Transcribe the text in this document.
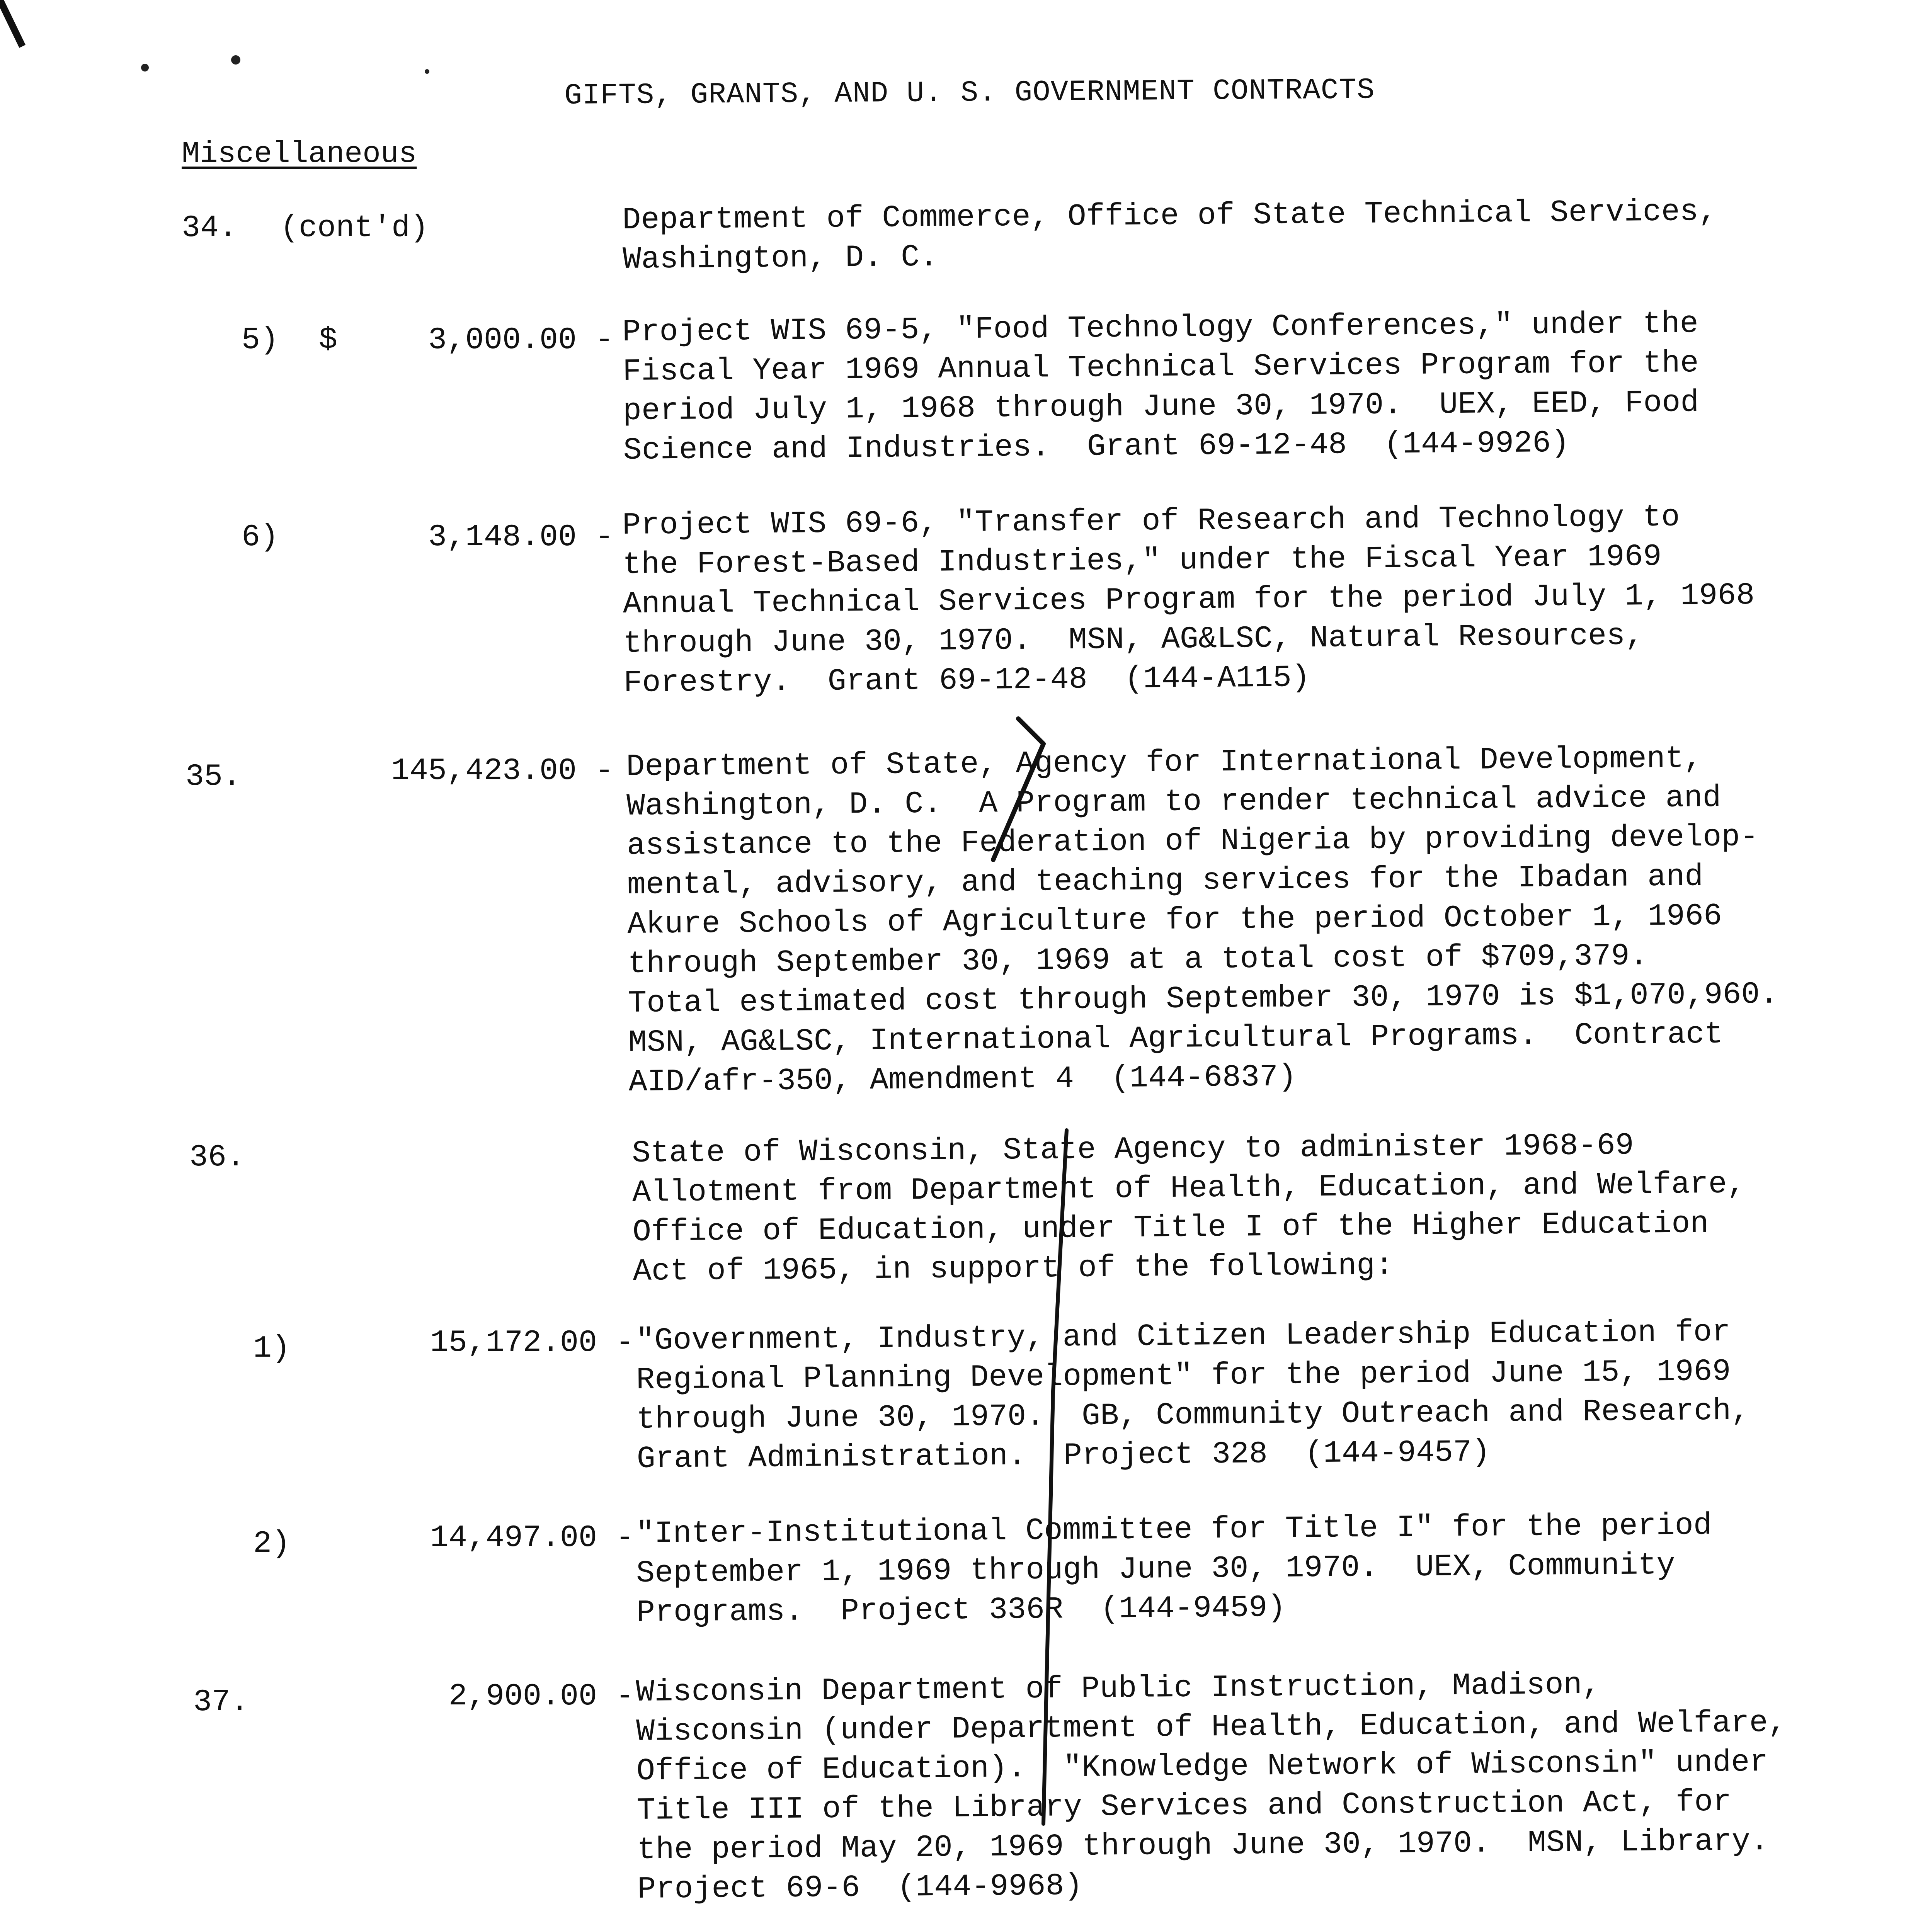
GIFTS, GRANTS, AND U. S. GOVERNMENT CONTRACTS
Miscellaneous
34. (cont'd)	Department of Commerce, Office of State Technical Services,
Washington, D. C.
5) $	3,000.00 - Project WIS 69-5, "Food Technology Conferences," under the
Fiscal Year 1969 Annual Technical Services Program for the
period July 1, 1968 through June 30, 1970.  UEX, EED, Food
Science and Industries.  Grant 69-12-48  (144-9926)
6)	3,148.00 - Project WIS 69-6, "Transfer of Research and Technology to
the Forest-Based Industries," under the Fiscal Year 1969
Annual Technical Services Program for the period July 1, 1968
through June 30, 1970.  MSN, AG&LSC, Natural Resources,
Forestry.  Grant 69-12-48  (144-A115)
35.	145,423.00 - Department of State, Agency for International Development,
Washington, D. C.  A Program to render technical advice and
assistance to the Federation of Nigeria by providing develop-
mental, advisory, and teaching services for the Ibadan and
Akure Schools of Agriculture for the period October 1, 1966
through September 30, 1969 at a total cost of $709,379.
Total estimated cost through September 30, 1970 is $1,070,960.
MSN, AG&LSC, International Agricultural Programs.  Contract
AID/afr-350, Amendment 4  (144-6837)
36.	State of Wisconsin, State Agency to administer 1968-69
Allotment from Department of Health, Education, and Welfare,
Office of Education, under Title I of the Higher Education
Act of 1965, in support of the following:
1)	15,172.00 - "Government, Industry, and Citizen Leadership Education for
Regional Planning Development" for the period June 15, 1969
through June 30, 1970.  GB, Community Outreach and Research,
Grant Administration.  Project 328  (144-9457)
2)	14,497.00 - "Inter-Institutional Committee for Title I" for the period
September 1, 1969 through June 30, 1970.  UEX, Community
Programs.  Project 336R  (144-9459)
37.	2,900.00 - Wisconsin Department of Public Instruction, Madison,
Wisconsin (under Department of Health, Education, and Welfare,
Office of Education).  "Knowledge Network of Wisconsin" under
Title III of the Library Services and Construction Act, for
the period May 20, 1969 through June 30, 1970.  MSN, Library.
Project 69-6  (144-9968)
